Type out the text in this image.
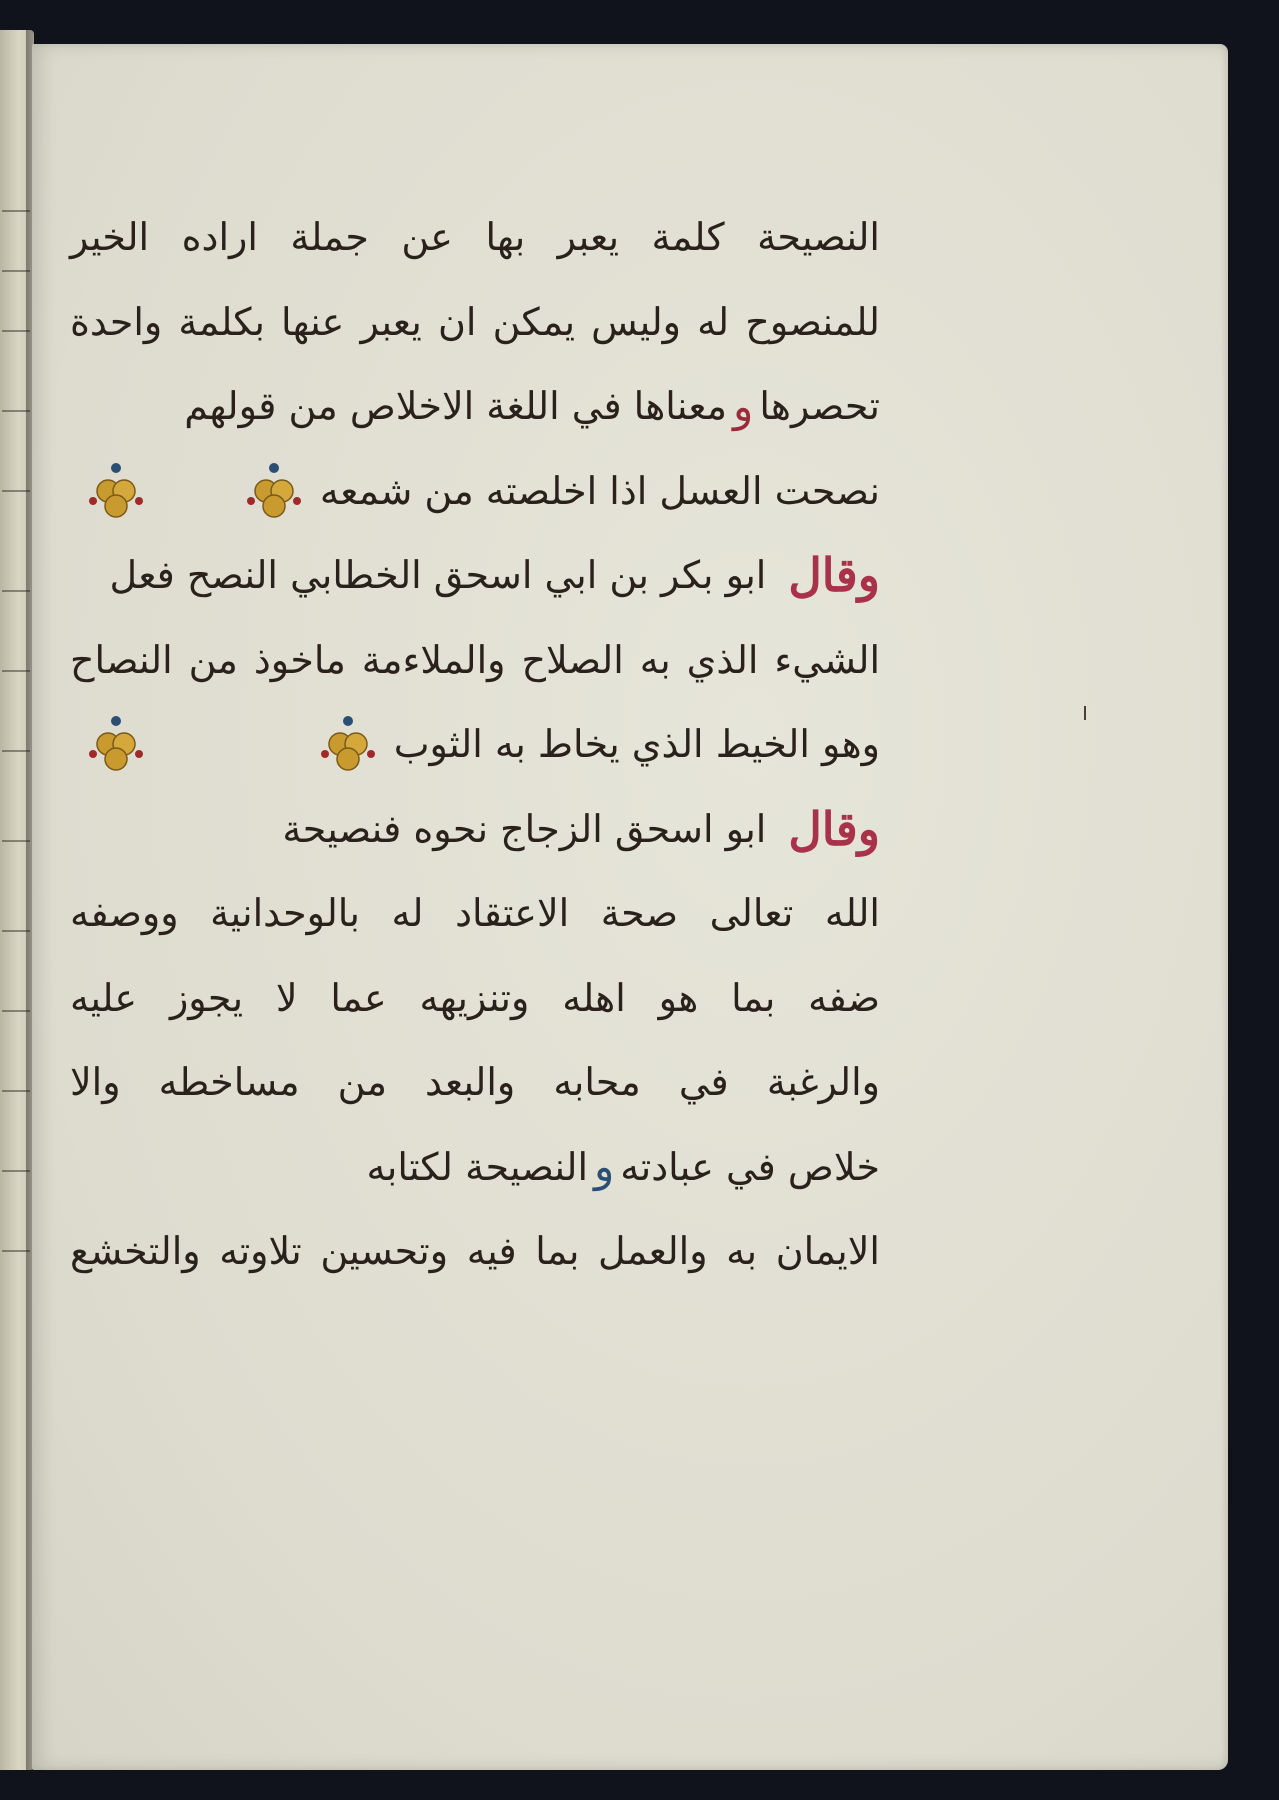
النصيحة كلمة يعبر بها عن جملة اراده الخير
للمنصوح له وليس يمكن ان يعبر عنها بكلمة واحدة
تحصرها
و
معناها في اللغة الاخلاص من قولهم
نصحت العسل اذا اخلصته من شمعه
وقال
ابو بكر بن ابي اسحق الخطابي النصح فعل
الشيء الذي به الصلاح والملاءمة ماخوذ من النصاح
وهو الخيط الذي يخاط به الثوب
وقال
ابو اسحق الزجاج نحوه فنصيحة
الله تعالى صحة الاعتقاد له بالوحدانية ووصفه
ضفه بما هو اهله وتنزيهه عما لا يجوز عليه
والرغبة في محابه والبعد من مساخطه والا
خلاص في عبادته
و
النصيحة لكتابه
الايمان به والعمل بما فيه وتحسين تلاوته والتخشع
